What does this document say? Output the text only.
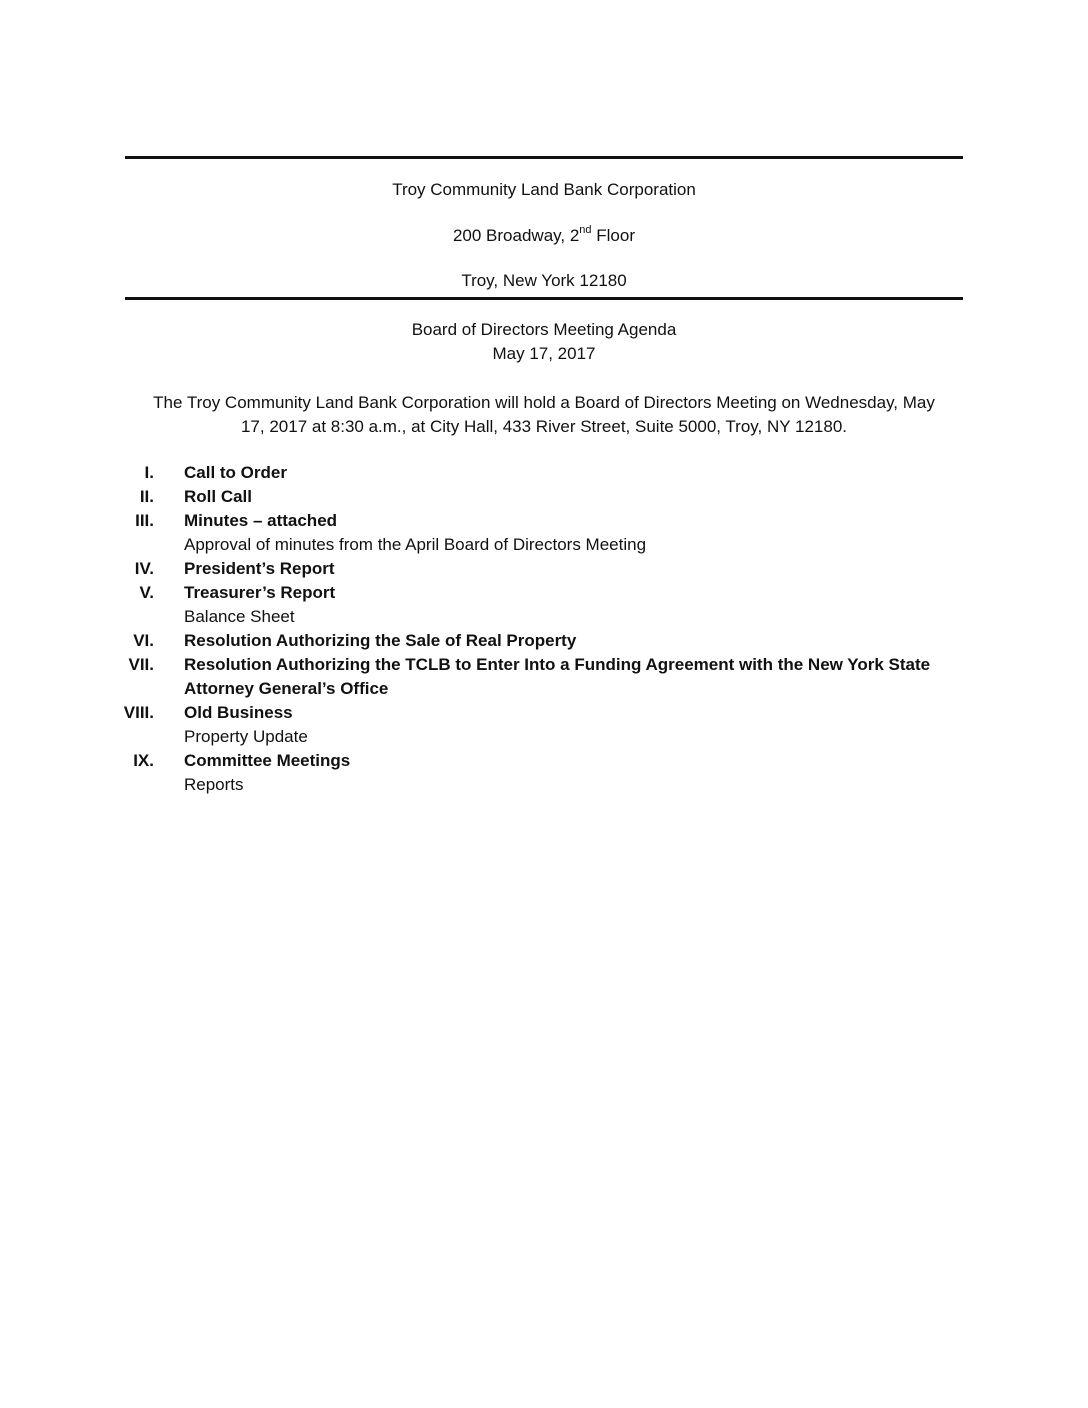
Troy Community Land Bank Corporation
200 Broadway, 2nd Floor
Troy, New York 12180
Board of Directors Meeting Agenda
May 17, 2017
The Troy Community Land Bank Corporation will hold a Board of Directors Meeting on Wednesday, May
17, 2017 at 8:30 a.m., at City Hall, 433 River Street, Suite 5000, Troy, NY 12180.
I. Call to Order
II. Roll Call
III. Minutes – attached
Approval of minutes from the April Board of Directors Meeting
IV. President’s Report
V. Treasurer’s Report
Balance Sheet
VI. Resolution Authorizing the Sale of Real Property
VII. Resolution Authorizing the TCLB to Enter Into a Funding Agreement with the New York State
Attorney General’s Office
VIII. Old Business
Property Update
IX. Committee Meetings
Reports
